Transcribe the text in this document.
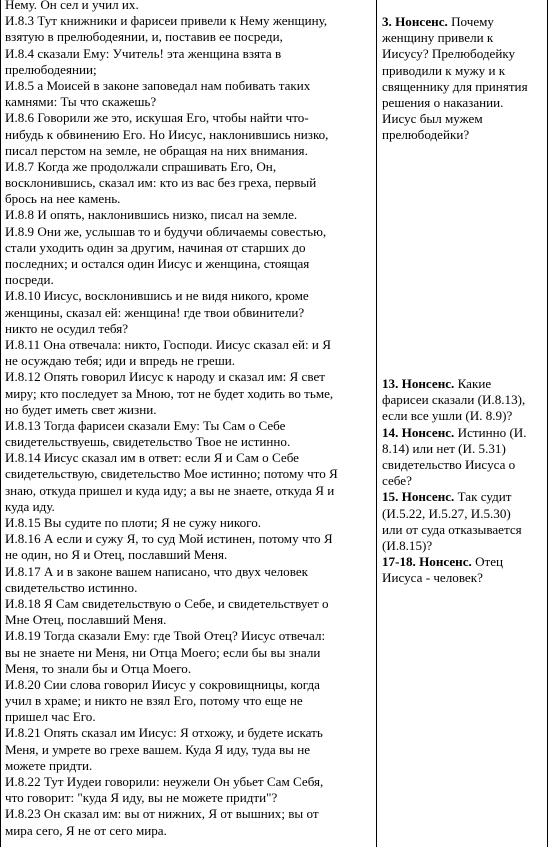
Нему. Он сел и учил их.
И.8.3 Тут книжники и фарисеи привели к Нему женщину,
взятую в прелюбодеянии, и, поставив ее посреди,
И.8.4 сказали Ему: Учитель! эта женщина взята в
прелюбодеянии;
И.8.5 а Моисей в законе заповедал нам побивать таких
камнями: Ты что скажешь?
И.8.6 Говорили же это, искушая Его, чтобы найти что-
нибудь к обвинению Его. Но Иисус, наклонившись низко,
писал перстом на земле, не обращая на них внимания.
И.8.7 Когда же продолжали спрашивать Его, Он,
восклонившись, сказал им: кто из вас без греха, первый
брось на нее камень.
И.8.8 И опять, наклонившись низко, писал на земле.
И.8.9 Они же, услышав то и будучи обличаемы совестью,
стали уходить один за другим, начиная от старших до
последних; и остался один Иисус и женщина, стоящая
посреди.
И.8.10 Иисус, восклонившись и не видя никого, кроме
женщины, сказал ей: женщина! где твои обвинители?
никто не осудил тебя?
И.8.11 Она отвечала: никто, Господи. Иисус сказал ей: и Я
не осуждаю тебя; иди и впредь не греши.
И.8.12 Опять говорил Иисус к народу и сказал им: Я свет
миру; кто последует за Мною, тот не будет ходить во тьме,
но будет иметь свет жизни.
И.8.13 Тогда фарисеи сказали Ему: Ты Сам о Себе
свидетельствуешь, свидетельство Твое не истинно.
И.8.14 Иисус сказал им в ответ: если Я и Сам о Себе
свидетельствую, свидетельство Мое истинно; потому что Я
знаю, откуда пришел и куда иду; а вы не знаете, откуда Я и
куда иду.
И.8.15 Вы судите по плоти; Я не сужу никого.
И.8.16 А если и сужу Я, то суд Мой истинен, потому что Я
не один, но Я и Отец, пославший Меня.
И.8.17 А и в законе вашем написано, что двух человек
свидетельство истинно.
И.8.18 Я Сам свидетельствую о Себе, и свидетельствует о
Мне Отец, пославший Меня.
И.8.19 Тогда сказали Ему: где Твой Отец? Иисус отвечал:
вы не знаете ни Меня, ни Отца Моего; если бы вы знали
Меня, то знали бы и Отца Моего.
И.8.20 Сии слова говорил Иисус у сокровищницы, когда
учил в храме; и никто не взял Его, потому что еще не
пришел час Его.
И.8.21 Опять сказал им Иисус: Я отхожу, и будете искать
Меня, и умрете во грехе вашем. Куда Я иду, туда вы не
можете придти.
И.8.22 Тут Иудеи говорили: неужели Он убьет Сам Себя,
что говорит: "куда Я иду, вы не можете придти"?
И.8.23 Он сказал им: вы от нижних, Я от вышних; вы от
мира сего, Я не от сего мира.
3. Нонсенс. Почему
женщину привели к
Иисусу? Прелюбодейку
приводили к мужу и к
священнику для принятия
решения о наказании.
Иисус был мужем
прелюбодейки?
13. Нонсенс. Какие
фарисеи сказали (И.8.13),
если все ушли (И. 8.9)?
14. Нонсенс. Истинно (И.
8.14) или нет (И. 5.31)
свидетельство Иисуса о
себе?
15. Нонсенс. Так судит
(И.5.22, И.5.27, И.5.30)
или от суда отказывается
(И.8.15)?
17-18. Нонсенс. Отец
Иисуса - человек?
